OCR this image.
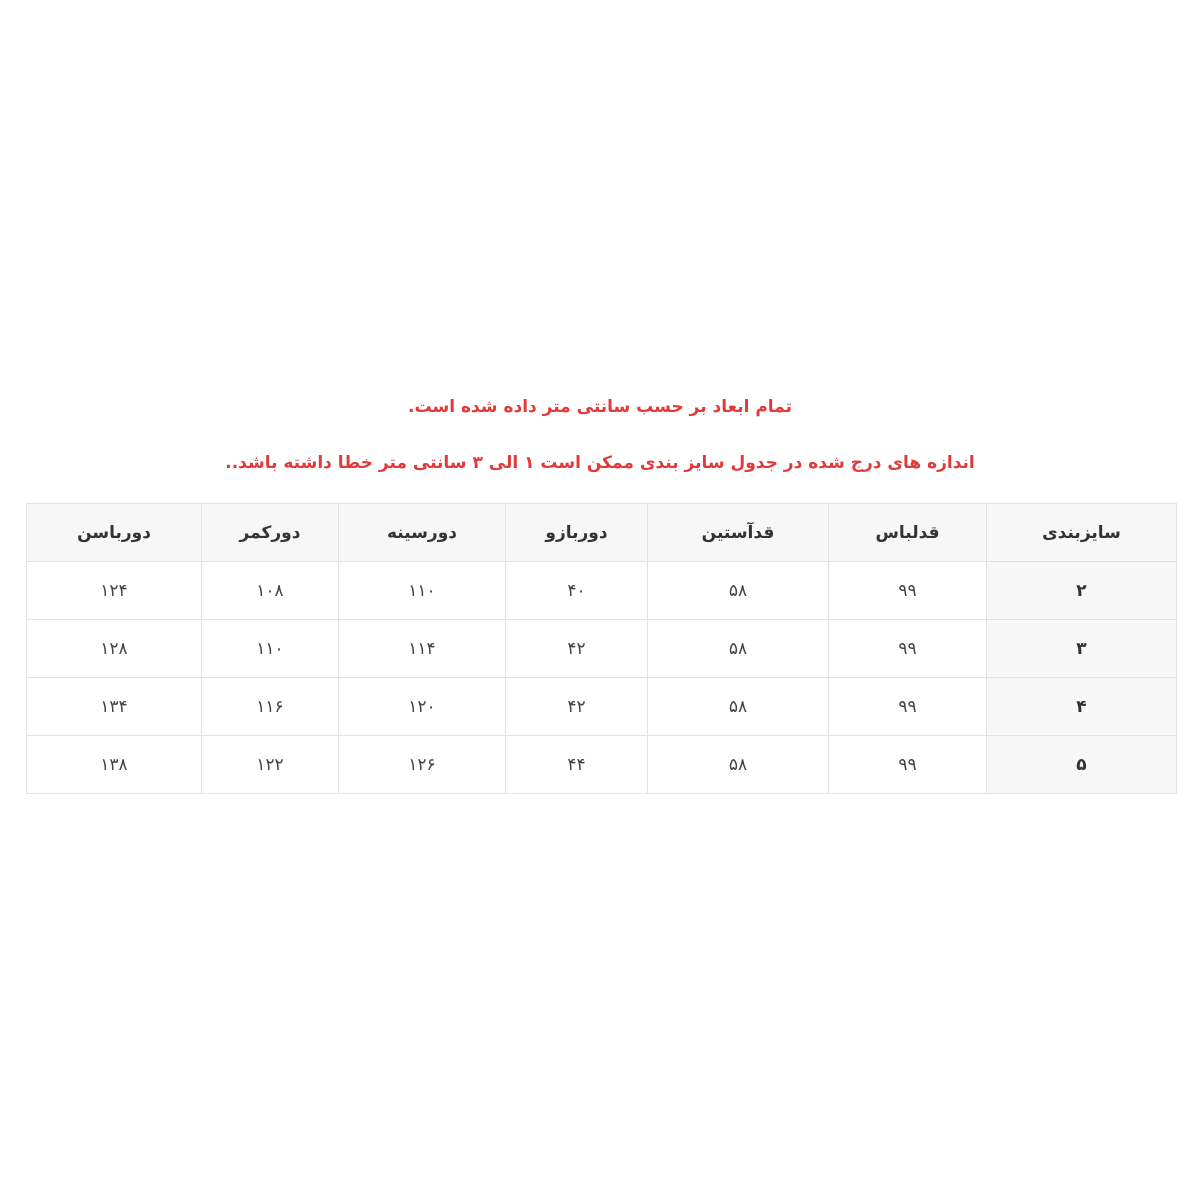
تمام ابعاد بر حسب سانتی متر داده شده است.

اندازه های درج شده در جدول سایز بندی ممکن است ۱ الی ۳ سانتی متر خطا داشته باشد..

سایزبندی	قدلباس	قدآستین	دوربازو	دورسینه	دورکمر	دورباسن
۲	۹۹	۵۸	۴۰	۱۱۰	۱۰۸	۱۲۴
۳	۹۹	۵۸	۴۲	۱۱۴	۱۱۰	۱۲۸
۴	۹۹	۵۸	۴۲	۱۲۰	۱۱۶	۱۳۴
۵	۹۹	۵۸	۴۴	۱۲۶	۱۲۲	۱۳۸
